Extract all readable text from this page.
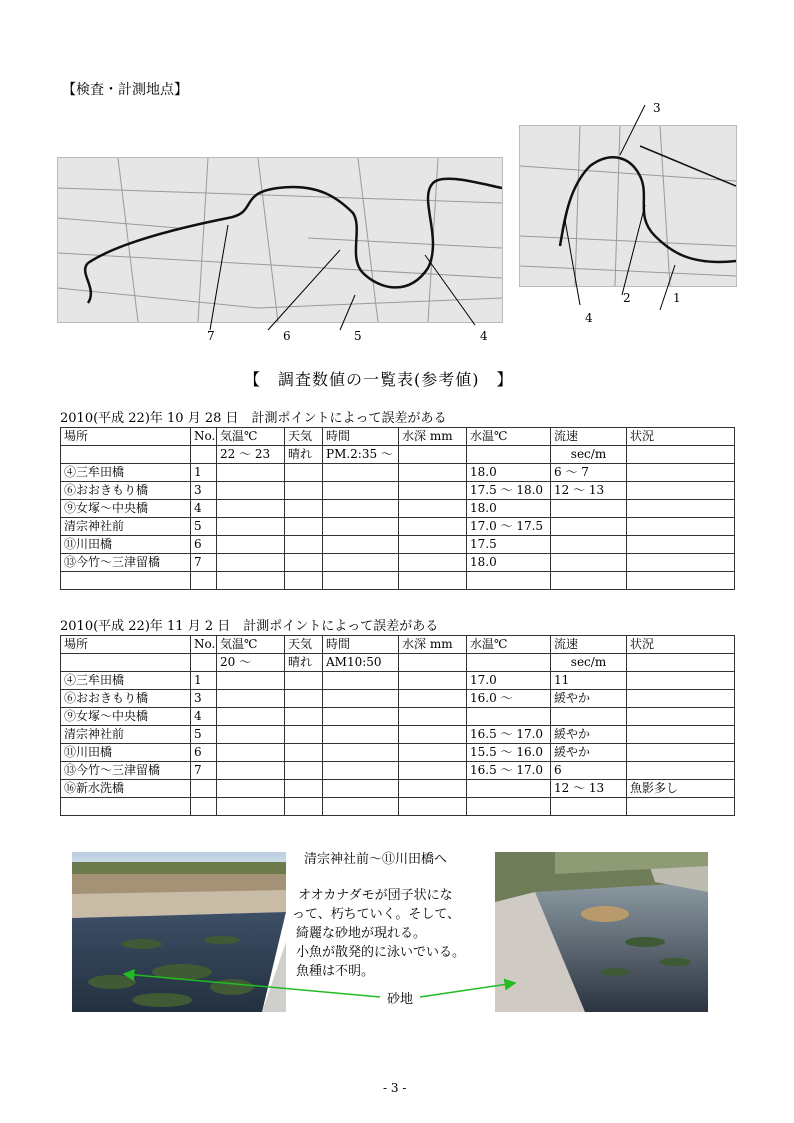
【検査・計測地点】
7	6	5	4
3
4
2	1
【　調査数値の一覧表(参考値)　】
2010(平成 22)年 10 月 28 日　計測ポイントによって誤差がある
場所	No.	気温℃	天気	時間	水深 mm	水温℃	流速	状況
		22 〜 23	晴れ	PM.2:35 〜			sec/m	
④三牟田橋	1					18.0	6 〜 7	
⑥おおきもり橋	3					17.5 〜 18.0	12 〜 13	
⑨女塚〜中央橋	4					18.0		
清宗神社前	5					17.0 〜 17.5		
⑪川田橋	6					17.5		
⑬今竹〜三津留橋	7					18.0		

2010(平成 22)年 11 月 2 日　計測ポイントによって誤差がある
場所	No.	気温℃	天気	時間	水深 mm	水温℃	流速	状況
		20 〜	晴れ	AM10:50			sec/m	
④三牟田橋	1					17.0	11	
⑥おおきもり橋	3					16.0 〜	緩やか	
⑨女塚〜中央橋	4							
清宗神社前	5					16.5 〜 17.0	緩やか	
⑪川田橋	6					15.5 〜 16.0	緩やか	
⑬今竹〜三津留橋	7					16.5 〜 17.0	6	
⑯新水洗橋							12 〜 13	魚影多し

清宗神社前〜⑪川田橋へ
オオカナダモが団子状にな
って、朽ちていく。そして、
綺麗な砂地が現れる。
小魚が散発的に泳いでいる。
魚種は不明。
砂地
- 3 -
